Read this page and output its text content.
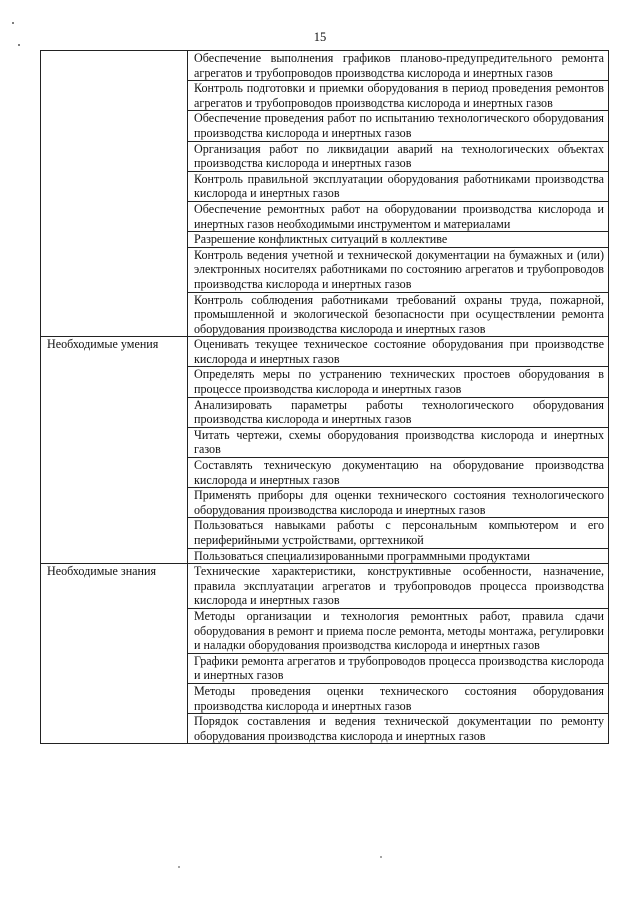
15
	Обеспечение выполнения графиков планово-предупредительного ремонта агрегатов и трубопроводов производства кислорода и инертных газов
	Контроль подготовки и приемки оборудования в период проведения ремонтов агрегатов и трубопроводов производства кислорода и инертных газов
	Обеспечение проведения работ по испытанию технологического оборудования производства кислорода и инертных газов
	Организация работ по ликвидации аварий на технологических объектах производства кислорода и инертных газов
	Контроль правильной эксплуатации оборудования работниками производства кислорода и инертных газов
	Обеспечение ремонтных работ на оборудовании производства кислорода и инертных газов необходимыми инструментом и материалами
	Разрешение конфликтных ситуаций в коллективе
	Контроль ведения учетной и технической документации на бумажных и (или) электронных носителях работниками по состоянию агрегатов и трубопроводов производства кислорода и инертных газов
	Контроль соблюдения работниками требований охраны труда, пожарной, промышленной и экологической безопасности при осуществлении ремонта оборудования производства кислорода и инертных газов
Необходимые умения	Оценивать текущее техническое состояние оборудования при производстве кислорода и инертных газов
	Определять меры по устранению технических простоев оборудования в процессе производства кислорода и инертных газов
	Анализировать параметры работы технологического оборудования производства кислорода и инертных газов
	Читать чертежи, схемы оборудования производства кислорода и инертных газов
	Составлять техническую документацию на оборудование производства кислорода и инертных газов
	Применять приборы для оценки технического состояния технологического оборудования производства кислорода и инертных газов
	Пользоваться навыками работы с персональным компьютером и его периферийными устройствами, оргтехникой
	Пользоваться специализированными программными продуктами
Необходимые знания	Технические характеристики, конструктивные особенности, назначение, правила эксплуатации агрегатов и трубопроводов процесса производства кислорода и инертных газов
	Методы организации и технология ремонтных работ, правила сдачи оборудования в ремонт и приема после ремонта, методы монтажа, регулировки и наладки оборудования производства кислорода и инертных газов
	Графики ремонта агрегатов и трубопроводов процесса производства кислорода и инертных газов
	Методы проведения оценки технического состояния оборудования производства кислорода и инертных газов
	Порядок составления и ведения технической документации по ремонту оборудования производства кислорода и инертных газов
